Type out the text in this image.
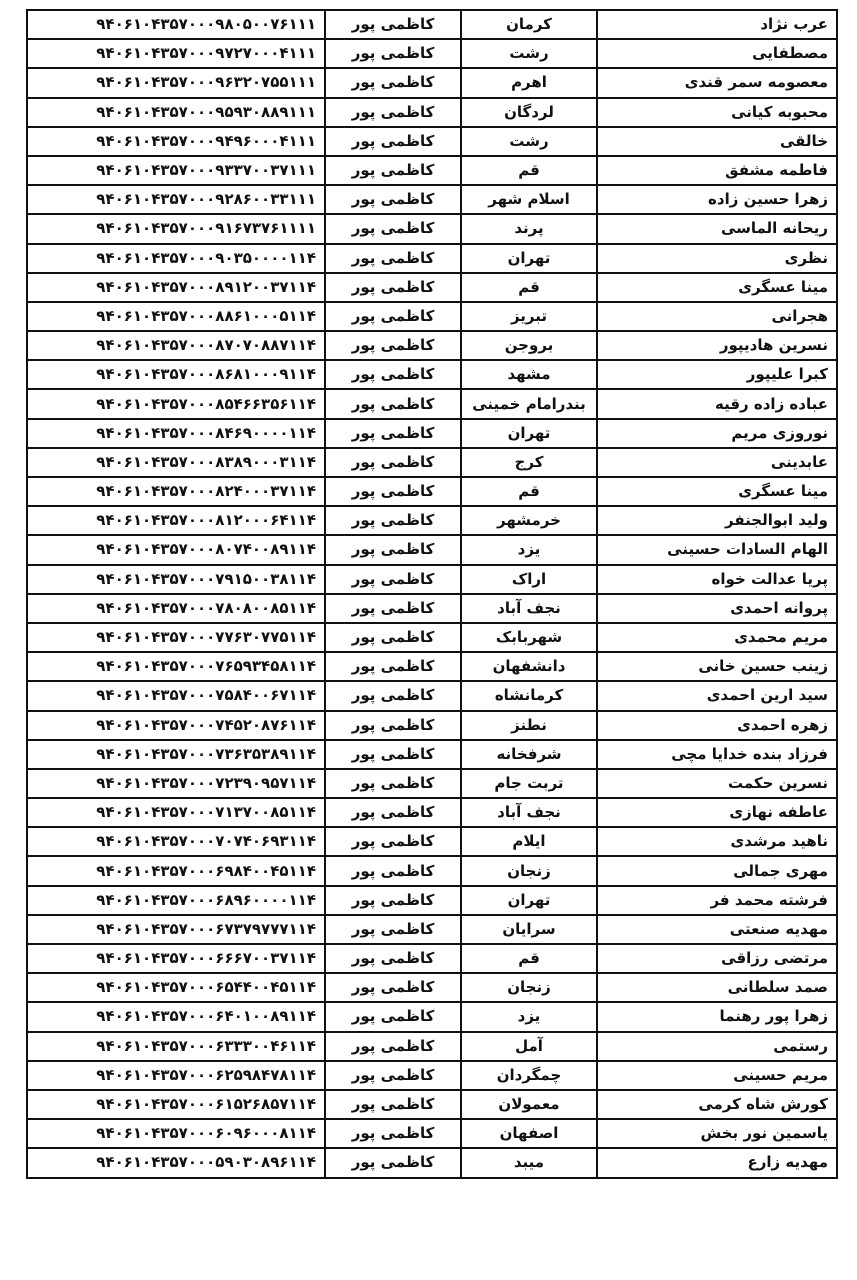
عرب نژاد	کرمان	کاظمی پور	۹۴۰۶۱۰۴۳۵۷۰۰۰۹۸۰۵۰۰۷۶۱۱۱
مصطفایی	رشت	کاظمی پور	۹۴۰۶۱۰۴۳۵۷۰۰۰۹۷۲۷۰۰۰۴۱۱۱
معصومه سمر قندی	اهرم	کاظمی پور	۹۴۰۶۱۰۴۳۵۷۰۰۰۹۶۳۲۰۷۵۵۱۱۱
محبوبه کیانی	لردگان	کاظمی پور	۹۴۰۶۱۰۴۳۵۷۰۰۰۹۵۹۳۰۸۸۹۱۱۱
خالقی	رشت	کاظمی پور	۹۴۰۶۱۰۴۳۵۷۰۰۰۹۴۹۶۰۰۰۴۱۱۱
فاطمه مشفق	قم	کاظمی پور	۹۴۰۶۱۰۴۳۵۷۰۰۰۹۳۳۷۰۰۳۷۱۱۱
زهرا حسین زاده	اسلام شهر	کاظمی پور	۹۴۰۶۱۰۴۳۵۷۰۰۰۹۲۸۶۰۰۳۳۱۱۱
ریحانه الماسی	پرند	کاظمی پور	۹۴۰۶۱۰۴۳۵۷۰۰۰۹۱۶۷۳۷۶۱۱۱۱
نظری	تهران	کاظمی پور	۹۴۰۶۱۰۴۳۵۷۰۰۰۹۰۳۵۰۰۰۰۱۱۴
مینا عسگری	قم	کاظمی پور	۹۴۰۶۱۰۴۳۵۷۰۰۰۸۹۱۲۰۰۳۷۱۱۴
هجرانی	تبریز	کاظمی پور	۹۴۰۶۱۰۴۳۵۷۰۰۰۸۸۶۱۰۰۰۵۱۱۴
نسرین هادیپور	بروجن	کاظمی پور	۹۴۰۶۱۰۴۳۵۷۰۰۰۸۷۰۷۰۸۸۷۱۱۴
کبرا علیپور	مشهد	کاظمی پور	۹۴۰۶۱۰۴۳۵۷۰۰۰۸۶۸۱۰۰۰۹۱۱۴
عباده زاده رقیه	بندرامام خمینی	کاظمی پور	۹۴۰۶۱۰۴۳۵۷۰۰۰۸۵۴۶۶۳۵۶۱۱۴
نوروزی مریم	تهران	کاظمی پور	۹۴۰۶۱۰۴۳۵۷۰۰۰۸۴۶۹۰۰۰۰۱۱۴
عابدینی	کرج	کاظمی پور	۹۴۰۶۱۰۴۳۵۷۰۰۰۸۳۸۹۰۰۰۳۱۱۴
مینا عسگری	قم	کاظمی پور	۹۴۰۶۱۰۴۳۵۷۰۰۰۸۲۴۰۰۰۳۷۱۱۴
ولید ابوالجنفر	خرمشهر	کاظمی پور	۹۴۰۶۱۰۴۳۵۷۰۰۰۸۱۲۰۰۰۶۴۱۱۴
الهام السادات حسینی	یزد	کاظمی پور	۹۴۰۶۱۰۴۳۵۷۰۰۰۸۰۷۴۰۰۸۹۱۱۴
پریا عدالت خواه	اراک	کاظمی پور	۹۴۰۶۱۰۴۳۵۷۰۰۰۷۹۱۵۰۰۳۸۱۱۴
پروانه احمدی	نجف آباد	کاظمی پور	۹۴۰۶۱۰۴۳۵۷۰۰۰۷۸۰۸۰۰۸۵۱۱۴
مریم محمدی	شهربابک	کاظمی پور	۹۴۰۶۱۰۴۳۵۷۰۰۰۷۷۶۳۰۷۷۵۱۱۴
زینب حسین خانی	دانشفهان	کاظمی پور	۹۴۰۶۱۰۴۳۵۷۰۰۰۷۶۵۹۳۴۵۸۱۱۴
سید ارین احمدی	کرمانشاه	کاظمی پور	۹۴۰۶۱۰۴۳۵۷۰۰۰۷۵۸۴۰۰۶۷۱۱۴
زهره احمدی	نطنز	کاظمی پور	۹۴۰۶۱۰۴۳۵۷۰۰۰۷۴۵۲۰۸۷۶۱۱۴
فرزاد بنده خدایا مچی	شرفخانه	کاظمی پور	۹۴۰۶۱۰۴۳۵۷۰۰۰۷۳۶۳۵۳۸۹۱۱۴
نسرین حکمت	تربت جام	کاظمی پور	۹۴۰۶۱۰۴۳۵۷۰۰۰۷۲۳۹۰۹۵۷۱۱۴
عاطفه نهازی	نجف آباد	کاظمی پور	۹۴۰۶۱۰۴۳۵۷۰۰۰۷۱۳۷۰۰۸۵۱۱۴
ناهید مرشدی	ایلام	کاظمی پور	۹۴۰۶۱۰۴۳۵۷۰۰۰۷۰۷۴۰۶۹۳۱۱۴
مهری جمالی	زنجان	کاظمی پور	۹۴۰۶۱۰۴۳۵۷۰۰۰۶۹۸۴۰۰۴۵۱۱۴
فرشته محمد فر	تهران	کاظمی پور	۹۴۰۶۱۰۴۳۵۷۰۰۰۶۸۹۶۰۰۰۰۱۱۴
مهدیه صنعتی	سرایان	کاظمی پور	۹۴۰۶۱۰۴۳۵۷۰۰۰۶۷۳۷۹۷۷۷۱۱۴
مرتضی رزاقی	قم	کاظمی پور	۹۴۰۶۱۰۴۳۵۷۰۰۰۶۶۶۷۰۰۳۷۱۱۴
صمد سلطانی	زنجان	کاظمی پور	۹۴۰۶۱۰۴۳۵۷۰۰۰۶۵۴۴۰۰۴۵۱۱۴
زهرا پور رهنما	یزد	کاظمی پور	۹۴۰۶۱۰۴۳۵۷۰۰۰۶۴۰۱۰۰۸۹۱۱۴
رستمی	آمل	کاظمی پور	۹۴۰۶۱۰۴۳۵۷۰۰۰۶۳۳۳۰۰۴۶۱۱۴
مریم حسینی	چمگردان	کاظمی پور	۹۴۰۶۱۰۴۳۵۷۰۰۰۶۲۵۹۸۴۷۸۱۱۴
کورش شاه کرمی	معمولان	کاظمی پور	۹۴۰۶۱۰۴۳۵۷۰۰۰۶۱۵۲۶۸۵۷۱۱۴
یاسمین نور بخش	اصفهان	کاظمی پور	۹۴۰۶۱۰۴۳۵۷۰۰۰۶۰۹۶۰۰۰۸۱۱۴
مهدیه زارع	میبد	کاظمی پور	۹۴۰۶۱۰۴۳۵۷۰۰۰۵۹۰۳۰۸۹۶۱۱۴
